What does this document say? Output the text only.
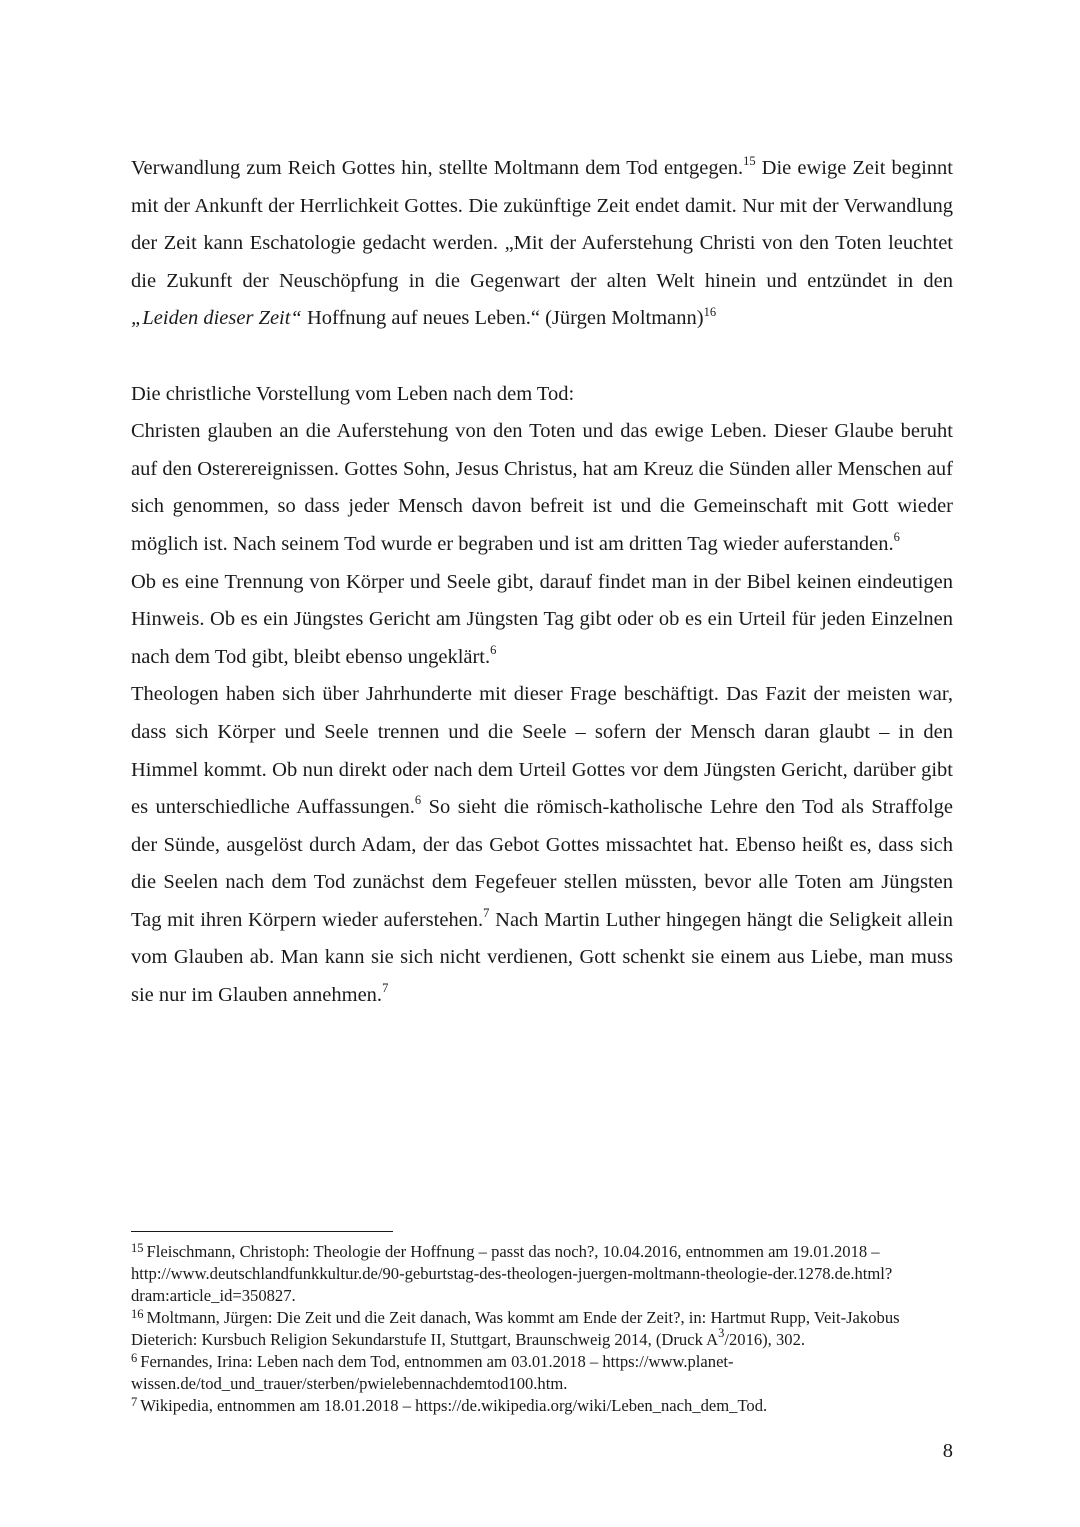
Verwandlung zum Reich Gottes hin, stellte Moltmann dem Tod entgegen.$^{15}$ Die ewige Zeit beginnt mit der Ankunft der Herrlichkeit Gottes. Die zukünftige Zeit endet damit. Nur mit der Verwandlung der Zeit kann Eschatologie gedacht werden. „Mit der Auferstehung Christi von den Toten leuchtet die Zukunft der Neuschöpfung in die Gegenwart der alten Welt hinein und entzündet in den „Leiden dieser Zeit“ Hoffnung auf neues Leben.“ (Jürgen Moltmann)$^{16}$

Die christliche Vorstellung vom Leben nach dem Tod:

Christen glauben an die Auferstehung von den Toten und das ewige Leben. Dieser Glaube beruht auf den Osterereignissen. Gottes Sohn, Jesus Christus, hat am Kreuz die Sünden aller Menschen auf sich genommen, so dass jeder Mensch davon befreit ist und die Gemeinschaft mit Gott wieder möglich ist. Nach seinem Tod wurde er begraben und ist am dritten Tag wieder auferstanden.$^6$

Ob es eine Trennung von Körper und Seele gibt, darauf findet man in der Bibel keinen eindeutigen Hinweis. Ob es ein Jüngstes Gericht am Jüngsten Tag gibt oder ob es ein Urteil für jeden Einzelnen nach dem Tod gibt, bleibt ebenso ungeklärt.$^6$

Theologen haben sich über Jahrhunderte mit dieser Frage beschäftigt. Das Fazit der meisten war, dass sich Körper und Seele trennen und die Seele – sofern der Mensch daran glaubt – in den Himmel kommt. Ob nun direkt oder nach dem Urteil Gottes vor dem Jüngsten Gericht, darüber gibt es unterschiedliche Auffassungen.$^6$ So sieht die römisch-katholische Lehre den Tod als Straffolge der Sünde, ausgelöst durch Adam, der das Gebot Gottes missachtet hat. Ebenso heißt es, dass sich die Seelen nach dem Tod zunächst dem Fegefeuer stellen müssten, bevor alle Toten am Jüngsten Tag mit ihren Körpern wieder auferstehen.$^7$ Nach Martin Luther hingegen hängt die Seligkeit allein vom Glauben ab. Man kann sie sich nicht verdienen, Gott schenkt sie einem aus Liebe, man muss sie nur im Glauben annehmen.$^7$

$^{15}$ Fleischmann, Christoph: Theologie der Hoffnung – passt das noch?, 10.04.2016, entnommen am 19.01.2018 – http://www.deutschlandfunkkultur.de/90-geburtstag-des-theologen-juergen-moltmann-theologie-der.1278.de.html?dram:article_id=350827.

$^{16}$ Moltmann, Jürgen: Die Zeit und die Zeit danach, Was kommt am Ende der Zeit?, in: Hartmut Rupp, Veit-Jakobus Dieterich: Kursbuch Religion Sekundarstufe II, Stuttgart, Braunschweig 2014, (Druck $A^3/2016$), 302.

$^6$ Fernandes, Irina: Leben nach dem Tod, entnommen am 03.01.2018 – https://www.planet-wissen.de/tod_und_trauer/sterben/pwielebennachdemtod100.htm.

$^7$ Wikipedia, entnommen am 18.01.2018 – https://de.wikipedia.org/wiki/Leben_nach_dem_Tod.

8
